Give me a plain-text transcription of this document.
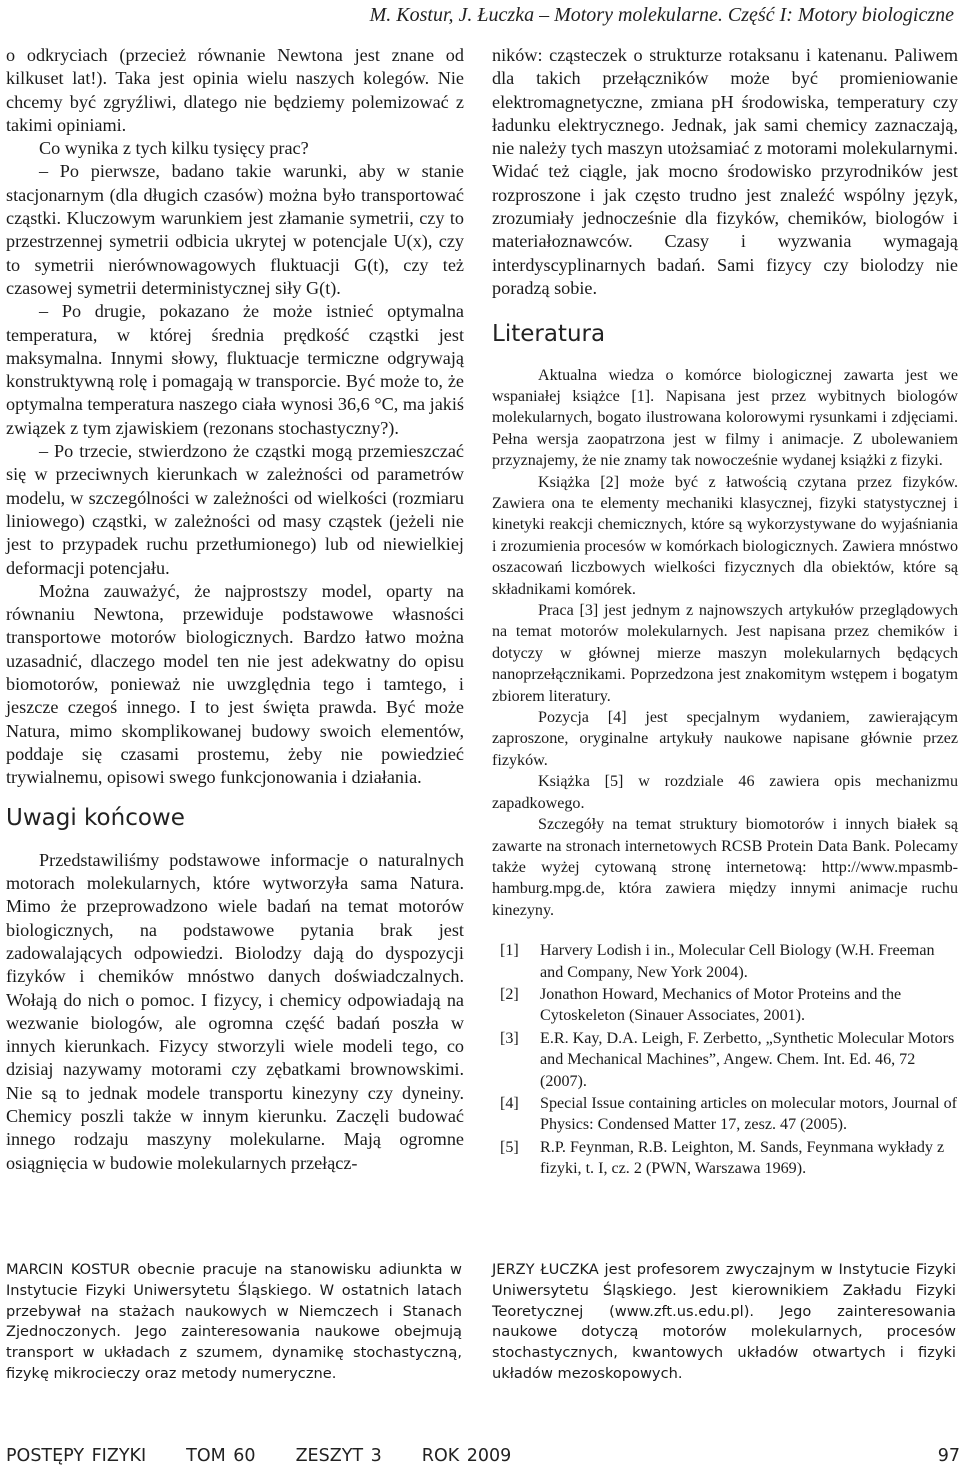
M. Kostur, J. Łuczka – Motory molekularne. Część I: Motory biologiczne

o odkryciach (przecież równanie Newtona jest znane od kilkuset lat!). Taka jest opinia wielu naszych kolegów. Nie chcemy być zgryźliwi, dlatego nie będziemy polemizować z takimi opiniami.

Co wynika z tych kilku tysięcy prac?

– Po pierwsze, badano takie warunki, aby w stanie stacjonarnym (dla długich czasów) można było transportować cząstki. Kluczowym warunkiem jest złamanie symetrii, czy to przestrzennej symetrii odbicia ukrytej w potencjale U(x), czy to symetrii nierównowagowych fluktuacji G(t), czy też czasowej symetrii deterministycznej siły G(t).

– Po drugie, pokazano że może istnieć optymalna temperatura, w której średnia prędkość cząstki jest maksymalna. Innymi słowy, fluktuacje termiczne odgrywają konstruktywną rolę i pomagają w transporcie. Być może to, że optymalna temperatura naszego ciała wynosi 36,6 °C, ma jakiś związek z tym zjawiskiem (rezonans stochastyczny?).

– Po trzecie, stwierdzono że cząstki mogą przemieszczać się w przeciwnych kierunkach w zależności od parametrów modelu, w szczególności w zależności od wielkości (rozmiaru liniowego) cząstki, w zależności od masy cząstek (jeżeli nie jest to przypadek ruchu przetłumionego) lub od niewielkiej deformacji potencjału.

Można zauważyć, że najprostszy model, oparty na równaniu Newtona, przewiduje podstawowe własności transportowe motorów biologicznych. Bardzo łatwo można uzasadnić, dlaczego model ten nie jest adekwatny do opisu biomotorów, ponieważ nie uwzględnia tego i tamtego, i jeszcze czegoś innego. I to jest święta prawda. Być może Natura, mimo skomplikowanej budowy swoich elementów, poddaje się czasami prostemu, żeby nie powiedzieć trywialnemu, opisowi swego funkcjonowania i działania.

Uwagi końcowe

Przedstawiliśmy podstawowe informacje o naturalnych motorach molekularnych, które wytworzyła sama Natura. Mimo że przeprowadzono wiele badań na temat motorów biologicznych, na podstawowe pytania brak jest zadowalających odpowiedzi. Biolodzy dają do dyspozycji fizyków i chemików mnóstwo danych doświadczalnych. Wołają do nich o pomoc. I fizycy, i chemicy odpowiadają na wezwanie biologów, ale ogromna część badań poszła w innych kierunkach. Fizycy stworzyli wiele modeli tego, co dzisiaj nazywamy motorami czy zębatkami brownowskimi. Nie są to jednak modele transportu kinezyny czy dyneiny. Chemicy poszli także w innym kierunku. Zaczęli budować innego rodzaju maszyny molekularne. Mają ogromne osiągnięcia w budowie molekularnych przełącz-

ników: cząsteczek o strukturze rotaksanu i katenanu. Paliwem dla takich przełączników może być promieniowanie elektromagnetyczne, zmiana pH środowiska, temperatury czy ładunku elektrycznego. Jednak, jak sami chemicy zaznaczają, nie należy tych maszyn utożsamiać z motorami molekularnymi. Widać też ciągle, jak mocno środowisko przyrodników jest rozproszone i jak często trudno jest znaleźć wspólny język, zrozumiały jednocześnie dla fizyków, chemików, biologów i materiałoznawców. Czasy i wyzwania wymagają interdyscyplinarnych badań. Sami fizycy czy biolodzy nie poradzą sobie.

Literatura

Aktualna wiedza o komórce biologicznej zawarta jest we wspaniałej książce [1]. Napisana jest przez wybitnych biologów molekularnych, bogato ilustrowana kolorowymi rysunkami i zdjęciami. Pełna wersja zaopatrzona jest w filmy i animacje. Z ubolewaniem przyznajemy, że nie znamy tak nowocześnie wydanej książki z fizyki.

Książka [2] może być z łatwością czytana przez fizyków. Zawiera ona te elementy mechaniki klasycznej, fizyki statystycznej i kinetyki reakcji chemicznych, które są wykorzystywane do wyjaśniania i zrozumienia procesów w komórkach biologicznych. Zawiera mnóstwo oszacowań liczbowych wielkości fizycznych dla obiektów, które są składnikami komórek.

Praca [3] jest jednym z najnowszych artykułów przeglądowych na temat motorów molekularnych. Jest napisana przez chemików i dotyczy w głównej mierze maszyn molekularnych będących nanoprzełącznikami. Poprzedzona jest znakomitym wstępem i bogatym zbiorem literatury.

Pozycja [4] jest specjalnym wydaniem, zawierającym zaproszone, oryginalne artykuły naukowe napisane głównie przez fizyków.

Książka [5] w rozdziale 46 zawiera opis mechanizmu zapadkowego.

Szczegóły na temat struktury biomotorów i innych białek są zawarte na stronach internetowych RCSB Protein Data Bank. Polecamy także wyżej cytowaną stronę internetową: http://www.mpasmb-hamburg.mpg.de, która zawiera między innymi animacje ruchu kinezyny.

[1]	Harvery Lodish i in., Molecular Cell Biology (W.H. Freeman and Company, New York 2004).
[2]	Jonathon Howard, Mechanics of Motor Proteins and the Cytoskeleton (Sinauer Associates, 2001).
[3]	E.R. Kay, D.A. Leigh, F. Zerbetto, „Synthetic Molecular Motors and Mechanical Machines”, Angew. Chem. Int. Ed. 46, 72 (2007).
[4]	Special Issue containing articles on molecular motors, Journal of Physics: Condensed Matter 17, zesz. 47 (2005).
[5]	R.P. Feynman, R.B. Leighton, M. Sands, Feynmana wykłady z fizyki, t. I, cz. 2 (PWN, Warszawa 1969).
MARCIN KOSTUR obecnie pracuje na stanowisku adiunkta w Instytucie Fizyki Uniwersytetu Śląskiego. W ostatnich latach przebywał na stażach naukowych w Niemczech i Stanach Zjednoczonych. Jego zainteresowania naukowe obejmują transport w układach z szumem, dynamikę stochastyczną, fizykę mikrocieczy oraz metody numeryczne.
JERZY ŁUCZKA jest profesorem zwyczajnym w Instytucie Fizyki Uniwersytetu Śląskiego. Jest kierownikiem Zakładu Fizyki Teoretycznej (www.zft.us.edu.pl). Jego zainteresowania naukowe dotyczą motorów molekularnych, procesów stochastycznych, kwantowych układów otwartych i fizyki układów mezoskopowych.
POSTĘPY FIZYKI TOM 60 ZESZYT 3 ROK 2009	97
